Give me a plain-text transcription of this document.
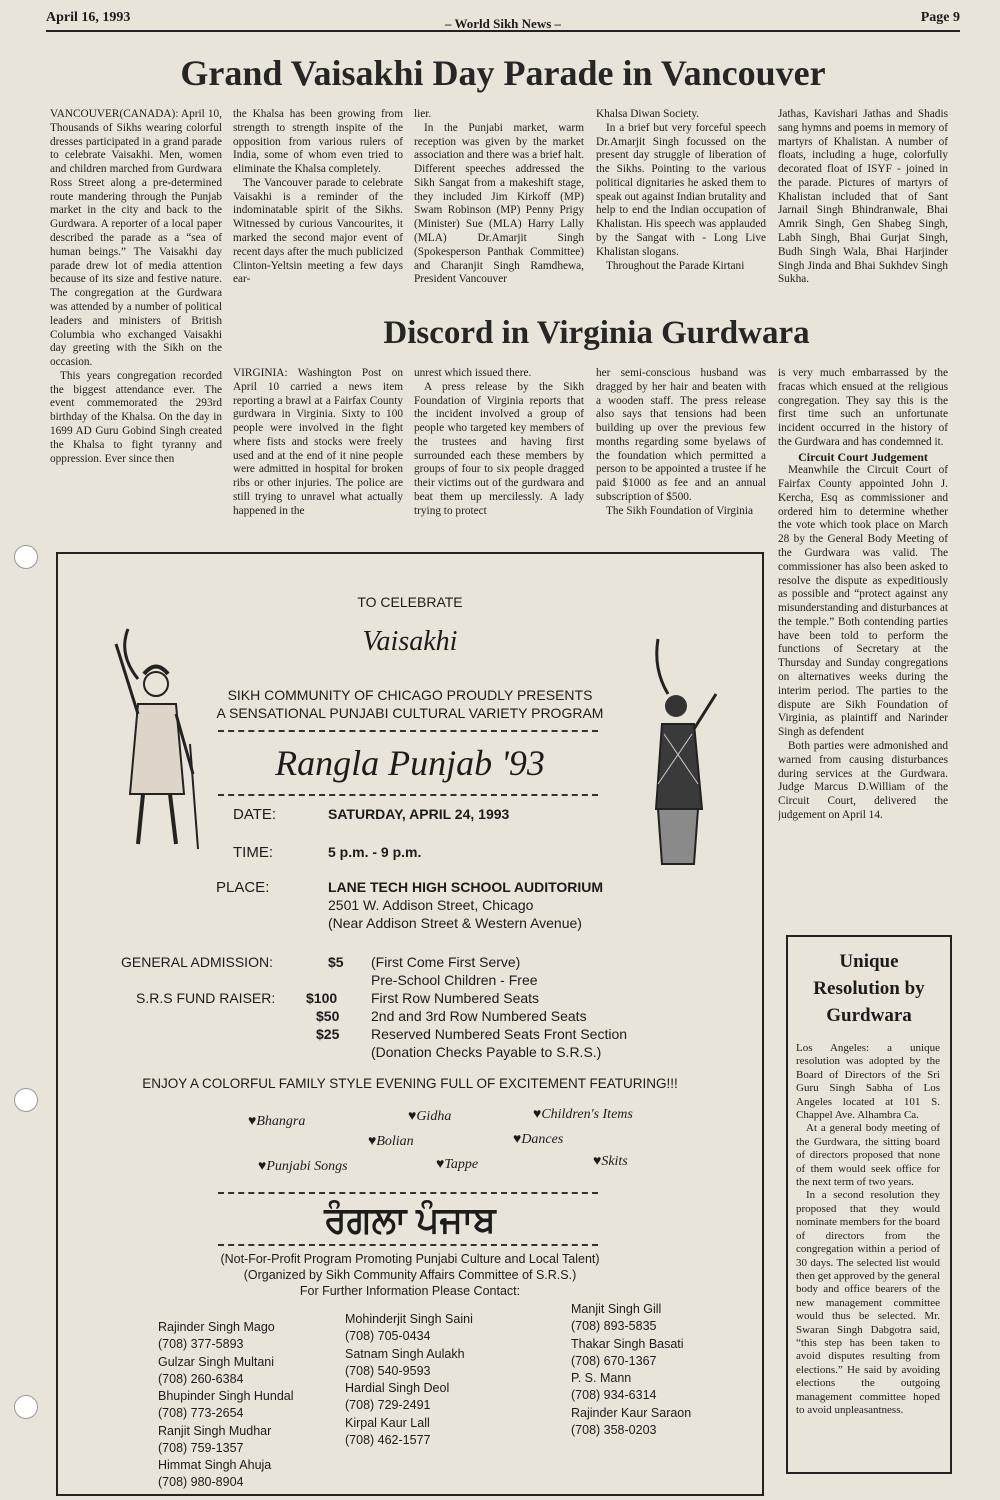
April 16, 1993	– World Sikh News –	Page 9
Grand Vaisakhi Day Parade in Vancouver

VANCOUVER(CANADA): April 10, Thousands of Sikhs wearing colorful dresses participated in a grand parade to celebrate Vaisakhi. Men, women and children marched from Gurdwara Ross Street along a pre-determined route mandering through the Punjab market in the city and back to the Gurdwara. A reporter of a local paper described the parade as a “sea of human beings.” The Vaisakhi day parade drew lot of media attention because of its size and festive nature. The congregation at the Gurdwara was attended by a number of political leaders and ministers of British Columbia who exchanged Vaisakhi day greeting with the Sikh on the occasion.

This years congregation recorded the biggest attendance ever. The event commemorated the 293rd birthday of the Khalsa. On the day in 1699 AD Guru Gobind Singh created the Khalsa to fight tyranny and oppression. Ever since then

the Khalsa has been growing from strength to strength inspite of the opposition from various rulers of India, some of whom even tried to eliminate the Khalsa completely.

The Vancouver parade to celebrate Vaisakhi is a reminder of the indominatable spirit of the Sikhs. Witnessed by curious Vancourites, it marked the second major event of recent days after the much publicized Clinton-Yeltsin meeting a few days ear-

lier.

In the Punjabi market, warm reception was given by the market association and there was a brief halt. Different speeches addressed the Sikh Sangat from a makeshift stage, they included Jim Kirkoff (MP) Swam Robinson (MP) Penny Prigy (Minister) Sue (MLA) Harry Lally (MLA) Dr.Amarjit Singh (Spokesperson Panthak Committee) and Charanjit Singh Ramdhewa, President Vancouver

Khalsa Diwan Society.

In a brief but very forceful speech Dr.Amarjit Singh focussed on the present day struggle of liberation of the Sikhs. Pointing to the various political dignitaries he asked them to speak out against Indian brutality and help to end the Indian occupation of Khalistan. His speech was applauded by the Sangat with - Long Live Khalistan slogans.

Throughout the Parade Kirtani

Jathas, Kavishari Jathas and Shadis sang hymns and poems in memory of martyrs of Khalistan. A number of floats, including a huge, colorfully decorated float of ISYF - joined in the parade. Pictures of martyrs of Khalistan included that of Sant Jarnail Singh Bhindranwale, Bhai Amrik Singh, Gen Shabeg Singh, Labh Singh, Bhai Gurjat Singh, Budh Singh Wala, Bhai Harjinder Singh Jinda and Bhai Sukhdev Singh Sukha.

Discord in Virginia Gurdwara

VIRGINIA: Washington Post on April 10 carried a news item reporting a brawl at a Fairfax County gurdwara in Virginia. Sixty to 100 people were involved in the fight where fists and stocks were freely used and at the end of it nine people were admitted in hospital for broken ribs or other injuries. The police are still trying to unravel what actually happened in the

unrest which issued there.

A press release by the Sikh Foundation of Virginia reports that the incident involved a group of people who targeted key members of the trustees and having first surrounded each these members by groups of four to six people dragged their victims out of the gurdwara and beat them up mercilessly. A lady trying to protect

her semi-conscious husband was dragged by her hair and beaten with a wooden staff. The press release also says that tensions had been building up over the previous few months regarding some byelaws of the foundation which permitted a person to be appointed a trustee if he paid $1000 as fee and an annual subscription of $500.

The Sikh Foundation of Virginia

is very much embarrassed by the fracas which ensued at the religious congregation. They say this is the first time such an unfortunate incident occurred in the history of the Gurdwara and has condemned it.

Circuit Court Judgement

Meanwhile the Circuit Court of Fairfax County appointed John J. Kercha, Esq as commissioner and ordered him to determine whether the vote which took place on March 28 by the General Body Meeting of the Gurdwara was valid. The commissioner has also been asked to resolve the dispute as expeditiously as possible and “protect against any misunderstanding and disturbances at the temple.” Both contending parties have been told to perform the functions of Secretary at the Thursday and Sunday congregations on alternatives weeks during the interim period. The parties to the dispute are Sikh Foundation of Virginia, as plaintiff and Narinder Singh as defendent

Both parties were admonished and warned from causing disturbances during services at the Gurdwara. Judge Marcus D.William of the Circuit Court, delivered the judgement on April 14.

TO CELEBRATE
Vaisakhi
SIKH COMMUNITY OF CHICAGO PROUDLY PRESENTS
A SENSATIONAL PUNJABI CULTURAL VARIETY PROGRAM
Rangla Punjab '93
DATE:	SATURDAY, APRIL 24, 1993
TIME:	5 p.m. - 9 p.m.
PLACE:	LANE TECH HIGH SCHOOL AUDITORIUM
2501 W. Addison Street, Chicago
(Near Addison Street & Western Avenue)
GENERAL ADMISSION:	$5 (First Come First Serve)
Pre-School Children - Free
S.R.S FUND RAISER: $100 First Row Numbered Seats
$50 2nd and 3rd Row Numbered Seats
$25 Reserved Numbered Seats Front Section
(Donation Checks Payable to S.R.S.)
ENJOY A COLORFUL FAMILY STYLE EVENING FULL OF EXCITEMENT FEATURING!!!
♥Bhangra	♥Gidha	♥Children's Items
♥Bolian	♥Dances
♥Punjabi Songs	♥Tappe	♥Skits
ਰੰਗਲਾ ਪੰਜਾਬ
(Not-For-Profit Program Promoting Punjabi Culture and Local Talent)
(Organized by Sikh Community Affairs Committee of S.R.S.)
For Further Information Please Contact:
Rajinder Singh Mago
(708) 377-5893
Gulzar Singh Multani
(708) 260-6384
Bhupinder Singh Hundal
(708) 773-2654
Ranjit Singh Mudhar
(708) 759-1357
Himmat Singh Ahuja
(708) 980-8904
Mohinderjit Singh Saini
(708) 705-0434
Satnam Singh Aulakh
(708) 540-9593
Hardial Singh Deol
(708) 729-2491
Kirpal Kaur Lall
(708) 462-1577
Manjit Singh Gill
(708) 893-5835
Thakar Singh Basati
(708) 670-1367
P. S. Mann
(708) 934-6314
Rajinder Kaur Saraon
(708) 358-0203
Unique Resolution by Gurdwara

Los Angeles: a unique resolution was adopted by the Board of Directors of the Sri Guru Singh Sabha of Los Angeles located at 101 S. Chappel Ave. Alhambra Ca.

At a general body meeting of the Gurdwara, the sitting board of directors proposed that none of them would seek office for the next term of two years.

In a second resolution they proposed that they would nominate members for the board of directors from the congregation within a period of 30 days. The selected list would then get approved by the general body and office bearers of the new management committee would thus be selected. Mr. Swaran Singh Dabgotra said, “this step has been taken to avoid disputes resulting from elections.” He said by avoiding elections the outgoing management committee hoped to avoid unpleasantness.
